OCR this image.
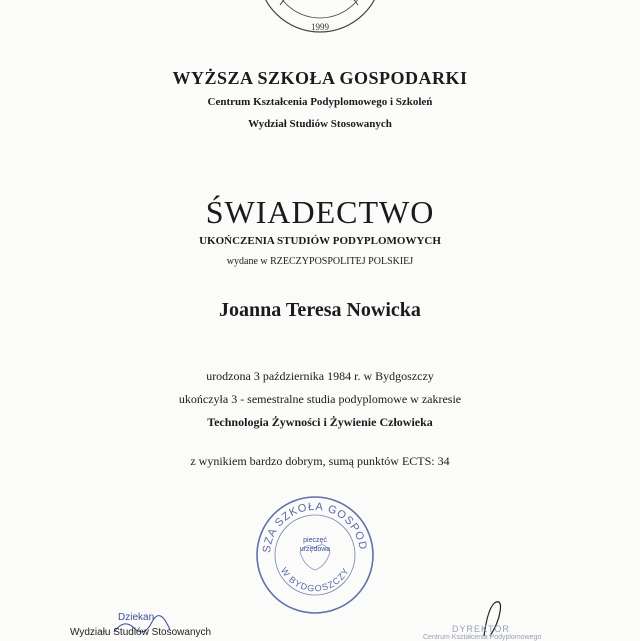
1999
WYŻSZA SZKOŁA GOSPODARKI
Centrum Kształcenia Podyplomowego i Szkoleń
Wydział Studiów Stosowanych
ŚWIADECTWO
UKOŃCZENIA STUDIÓW PODYPLOMOWYCH
wydane w RZECZYPOSPOLITEJ POLSKIEJ
Joanna Teresa Nowicka
urodzona 3 października 1984 r. w Bydgoszczy
ukończyła 3 - semestralne studia podyplomowe w zakresie
Technologia Żywności i Żywienie Człowieka
z wynikiem bardzo dobrym, sumą punktów ECTS: 34
SZA SZKOŁA GOSPOD
W BYDGOSZCZY
pieczęć urzędowa
Dziekan
Wydziału Studiów Stosowanych	DYREKTOR
Centrum Kształcenia Podyplomowego
